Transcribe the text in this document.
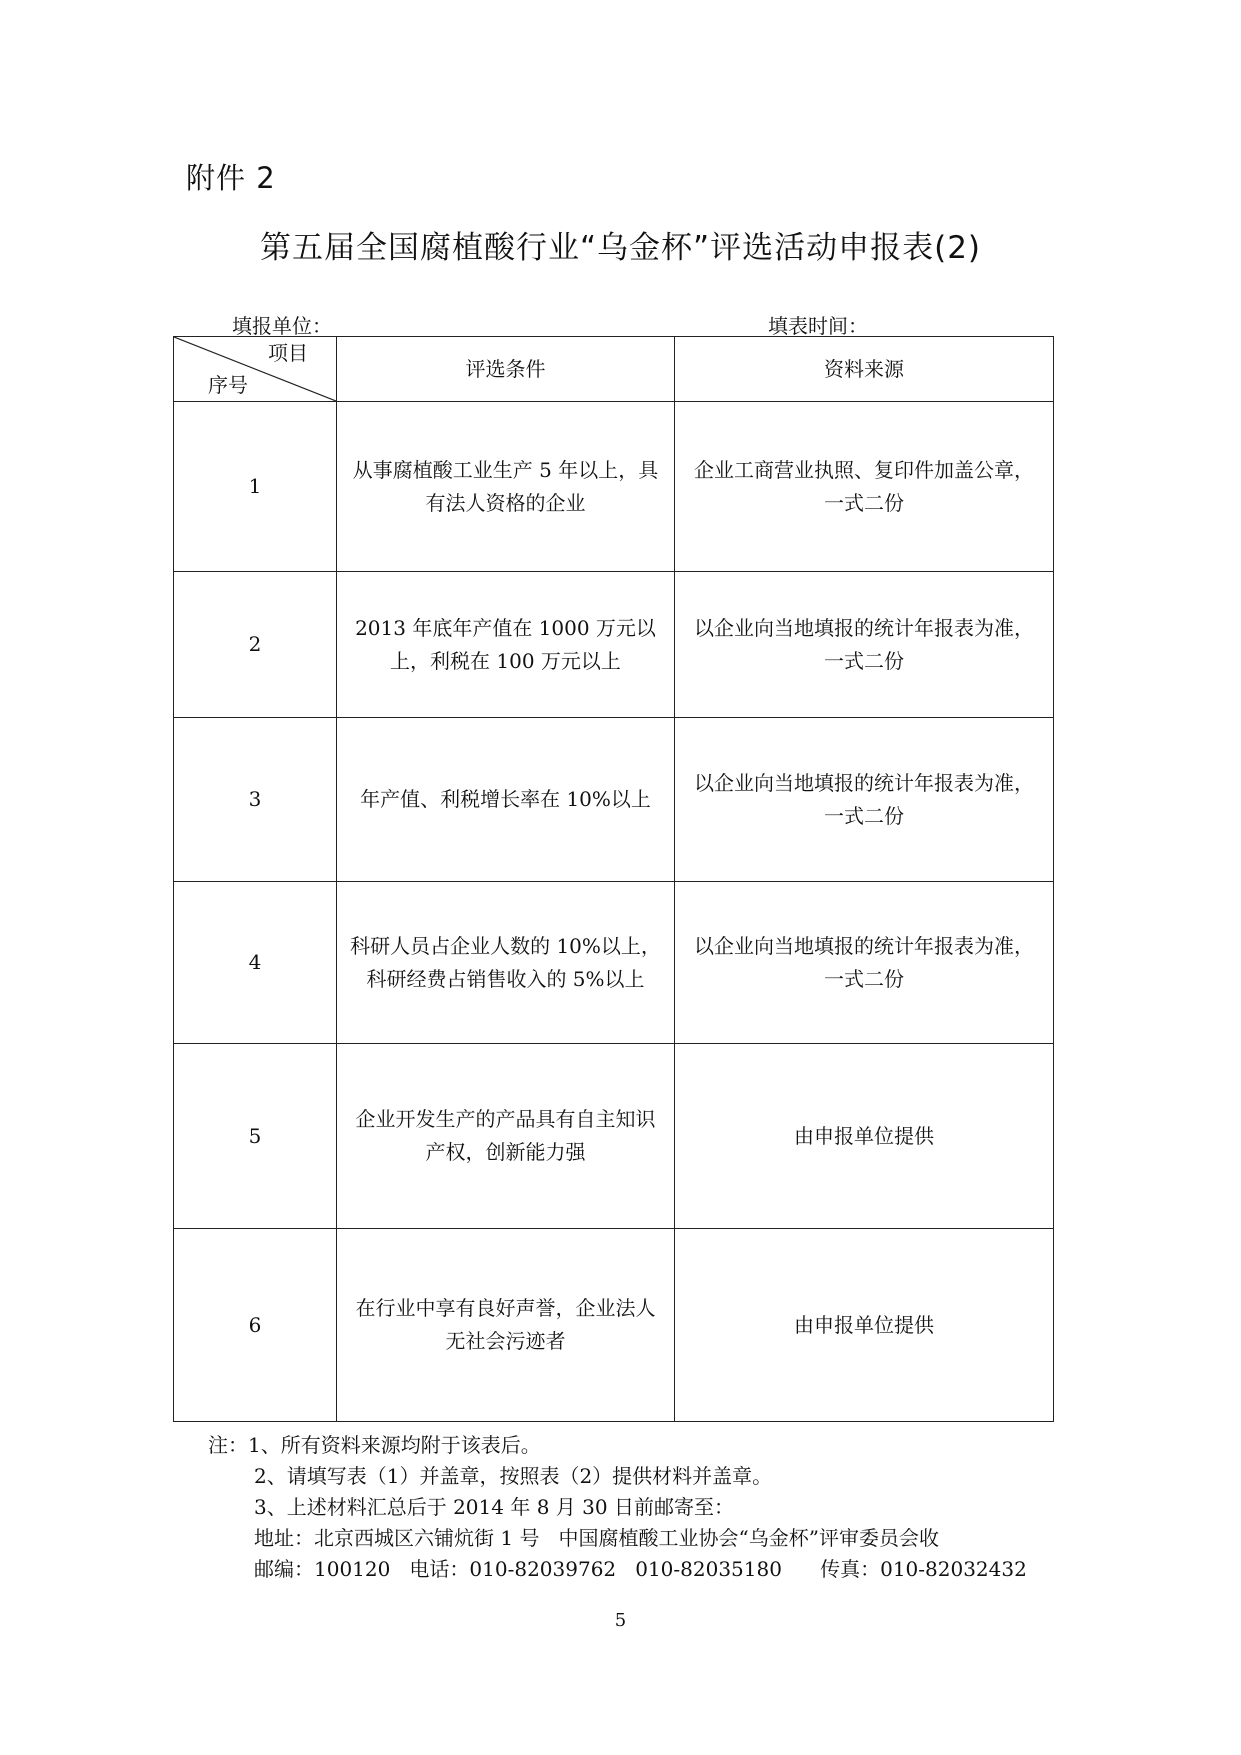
附件 2
第五届全国腐植酸行业“乌金杯”评选活动申报表(2)
填报单位：	填表时间：
项目
序号	评选条件	资料来源
1	从事腐植酸工业生产 5 年以上，具有法人资格的企业	企业工商营业执照、复印件加盖公章，一式二份
2	2013 年底年产值在 1000 万元以上，利税在 100 万元以上	以企业向当地填报的统计年报表为准，一式二份
3	年产值、利税增长率在 10%以上	以企业向当地填报的统计年报表为准，一式二份
4	科研人员占企业人数的 10%以上，科研经费占销售收入的 5%以上	以企业向当地填报的统计年报表为准，一式二份
5	企业开发生产的产品具有自主知识产权，创新能力强	由申报单位提供
6	在行业中享有良好声誉，企业法人无社会污迹者	由申报单位提供
注：1、所有资料来源均附于该表后。
2、请填写表（1）并盖章，按照表（2）提供材料并盖章。
3、上述材料汇总后于 2014 年 8 月 30 日前邮寄至：
地址：北京西城区六铺炕街 1 号   中国腐植酸工业协会“乌金杯”评审委员会收
邮编：100120   电话：010-82039762   010-82035180      传真：010-82032432
5
